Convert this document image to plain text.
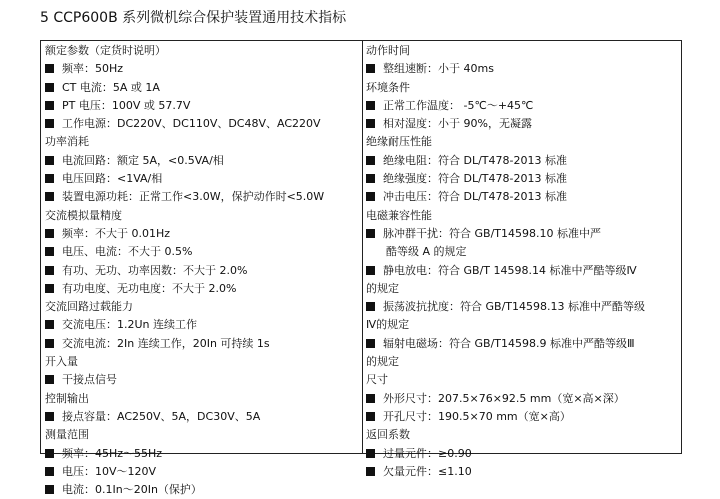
5 CCP600B 系列微机综合保护装置通用技术指标
额定参数（定货时说明）
频率：50Hz
CT 电流：5A 或 1A
PT 电压：100V 或 57.7V
工作电源：DC220V、DC110V、DC48V、AC220V
功率消耗
电流回路：额定 5A，<0.5VA/相
电压回路：<1VA/相
装置电源功耗：正常工作<3.0W，保护动作时<5.0W
交流模拟量精度
频率：不大于 0.01Hz
电压、电流：不大于 0.5%
有功、无功、功率因数：不大于 2.0%
有功电度、无功电度：不大于 2.0%
交流回路过载能力
交流电压：1.2Un 连续工作
交流电流：2In 连续工作，20In 可持续 1s
开入量
干接点信号
控制输出
接点容量：AC250V、5A，DC30V、5A
测量范围
频率：45Hz～55Hz
电压：10V～120V
电流：0.1In～20In（保护）
动作时间
整组速断：小于 40ms
环境条件
正常工作温度： -5℃～+45℃
相对湿度：小于 90%，无凝露
绝缘耐压性能
绝缘电阻：符合 DL/T478-2013 标准
绝缘强度：符合 DL/T478-2013 标准
冲击电压：符合 DL/T478-2013 标准
电磁兼容性能
脉冲群干扰：符合 GB/T14598.10 标准中严
酷等级 A 的规定
静电放电：符合 GB/T 14598.14 标准中严酷等级Ⅳ
的规定
振荡波抗扰度：符合 GB/T14598.13 标准中严酷等级
Ⅳ的规定
辐射电磁场：符合 GB/T14598.9 标准中严酷等级Ⅲ
的规定
尺寸
外形尺寸：207.5×76×92.5 mm（宽×高×深）
开孔尺寸：190.5×70 mm（宽×高）
返回系数
过量元件：≥0.90
欠量元件：≤1.10
